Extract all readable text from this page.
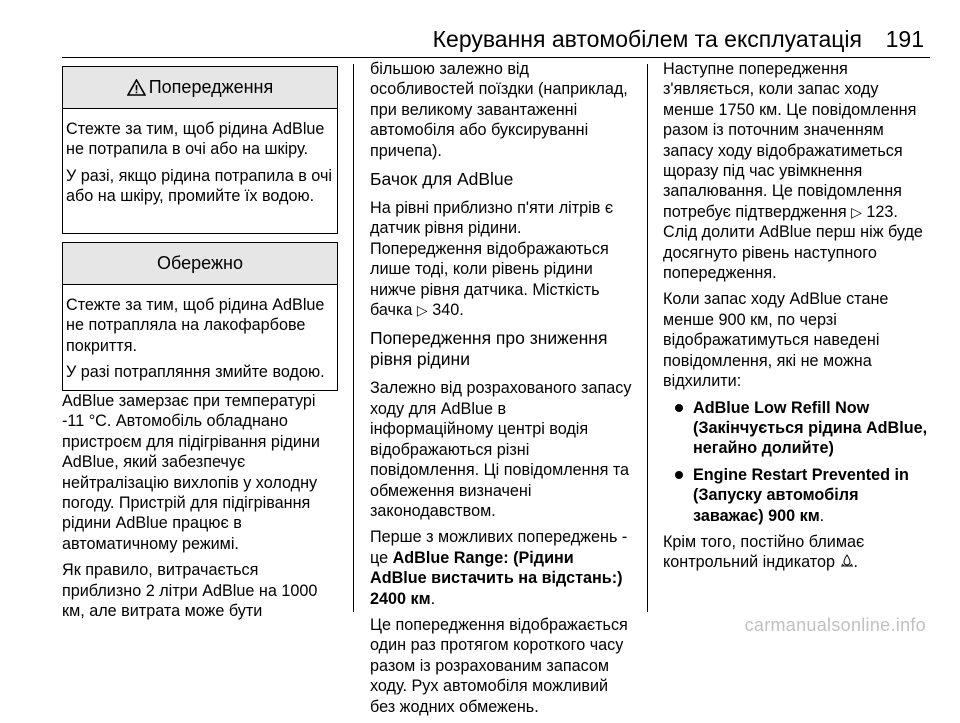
Керування автомобілем та експлуатація 191
Попередження

Стежте за тим, щоб рідина AdBlue не потрапила в очі або на шкіру.

У разі, якщо рідина потрапила в очі або на шкіру, промийте їх водою.

Обережно

Стежте за тим, щоб рідина AdBlue не потрапляла на лакофарбове покриття.

У разі потрапляння змийте водою.

AdBlue замерзає при температурі -11 °C. Автомобіль обладнано пристроєм для підігрівання рідини AdBlue, який забезпечує нейтралізацію вихлопів у холодну погоду. Пристрій для підігрівання рідини AdBlue працює в автоматичному режимі.

Як правило, витрачається приблизно 2 літри AdBlue на 1000 км, але витрата може бути

більшою залежно від особливостей поїздки (наприклад, при великому завантаженні автомобіля або буксируванні причепа).

Бачок для AdBlue

На рівні приблизно п'яти літрів є датчик рівня рідини. Попередження відображаються лише тоді, коли рівень рідини нижче рівня датчика. Місткість бачка ▷ 340.

Попередження про зниження рівня рідини

Залежно від розрахованого запасу ходу для AdBlue в інформаційному центрі водія відображаються різні повідомлення. Ці повідомлення та обмеження визначені законодавством.

Перше з можливих попереджень - це AdBlue Range: (Рідини AdBlue вистачить на відстань:) 2400 км.

Це попередження відображається один раз протягом короткого часу разом із розрахованим запасом ходу. Рух автомобіля можливий без жодних обмежень.

Наступне попередження з'являється, коли запас ходу менше 1750 км. Це повідомлення разом із поточним значенням запасу ходу відображатиметься щоразу під час увімкнення запалювання. Це повідомлення потребує підтвердження ▷ 123. Слід долити AdBlue перш ніж буде досягнуто рівень наступного попередження.

Коли запас ходу AdBlue стане менше 900 км, по черзі відображатимуться наведені повідомлення, які не можна відхилити:

AdBlue Low Refill Now (Закінчується рідина AdBlue, негайно долийте)
Engine Restart Prevented in (Запуску автомобіля заважає) 900 км.

Крім того, постійно блимає контрольний індикатор .

carmanualsonline.info
